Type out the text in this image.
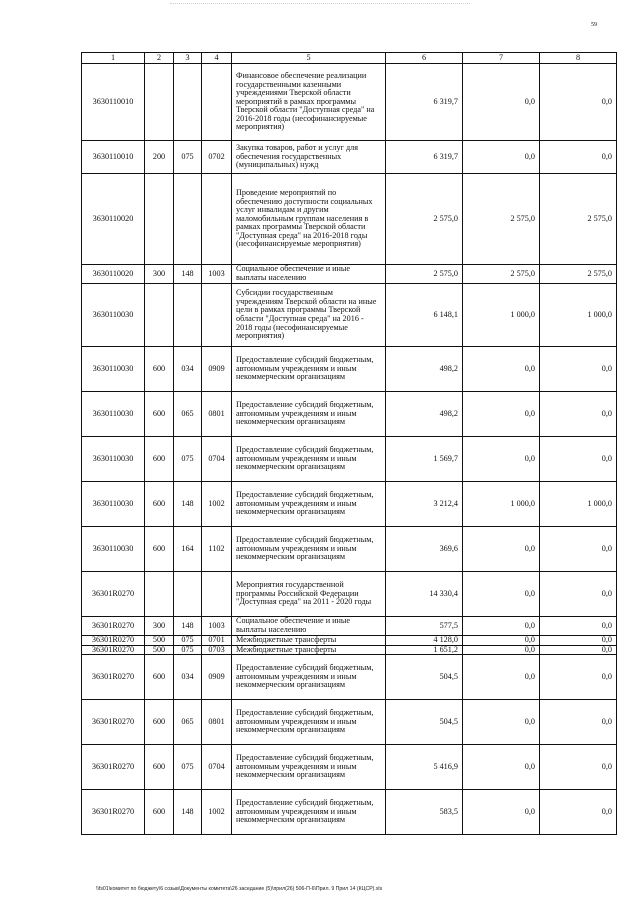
59
1	2	3	4	5	6	7	8
3630110010				Финансовое обеспечение реализации государственными казенными учреждениями Тверской области мероприятий в рамках программы Тверской области "Доступная среда" на 2016-2018 годы (несофинансируемые мероприятия)	6 319,7	0,0	0,0
3630110010	200	075	0702	Закупка товаров, работ и услуг для обеспечения государственных (муниципальных) нужд	6 319,7	0,0	0,0
3630110020				Проведение мероприятий по обеспечению доступности социальных услуг инвалидам и другим маломобильным группам населения в рамках программы Тверской области "Доступная среда" на 2016-2018 годы (несофинансируемые мероприятия)	2 575,0	2 575,0	2 575,0
3630110020	300	148	1003	Социальное обеспечение и иные выплаты населению	2 575,0	2 575,0	2 575,0
3630110030				Субсидии государственным учреждениям Тверской области на иные цели в рамках программы Тверской области "Доступная среда" на 2016 - 2018 годы (несофинансируемые мероприятия)	6 148,1	1 000,0	1 000,0
3630110030	600	034	0909	Предоставление субсидий бюджетным, автономным учреждениям и иным некоммерческим организациям	498,2	0,0	0,0
3630110030	600	065	0801	Предоставление субсидий бюджетным, автономным учреждениям и иным некоммерческим организациям	498,2	0,0	0,0
3630110030	600	075	0704	Предоставление субсидий бюджетным, автономным учреждениям и иным некоммерческим организациям	1 569,7	0,0	0,0
3630110030	600	148	1002	Предоставление субсидий бюджетным, автономным учреждениям и иным некоммерческим организациям	3 212,4	1 000,0	1 000,0
3630110030	600	164	1102	Предоставление субсидий бюджетным, автономным учреждениям и иным некоммерческим организациям	369,6	0,0	0,0
36301R0270				Мероприятия государственной программы Российской Федерации "Доступная среда" на 2011 - 2020 годы	14 330,4	0,0	0,0
36301R0270	300	148	1003	Социальное обеспечение и иные выплаты населению	577,5	0,0	0,0
36301R0270	500	075	0701	Межбюджетные трансферты	4 128,0	0,0	0,0
36301R0270	500	075	0703	Межбюджетные трансферты	1 651,2	0,0	0,0
36301R0270	600	034	0909	Предоставление субсидий бюджетным, автономным учреждениям и иным некоммерческим организациям	504,5	0,0	0,0
36301R0270	600	065	0801	Предоставление субсидий бюджетным, автономным учреждениям и иным некоммерческим организациям	504,5	0,0	0,0
36301R0270	600	075	0704	Предоставление субсидий бюджетным, автономным учреждениям и иным некоммерческим организациям	5 416,9	0,0	0,0
36301R0270	600	148	1002	Предоставление субсидий бюджетным, автономным учреждениям и иным некоммерческим организациям	583,5	0,0	0,0
\\fs01\комитет по бюджету\6 созыв\Документы комитета\26 заседание (5)\прил(26) 506-П-6\Прил. 9 Прил 14 (КЦСР).xls
